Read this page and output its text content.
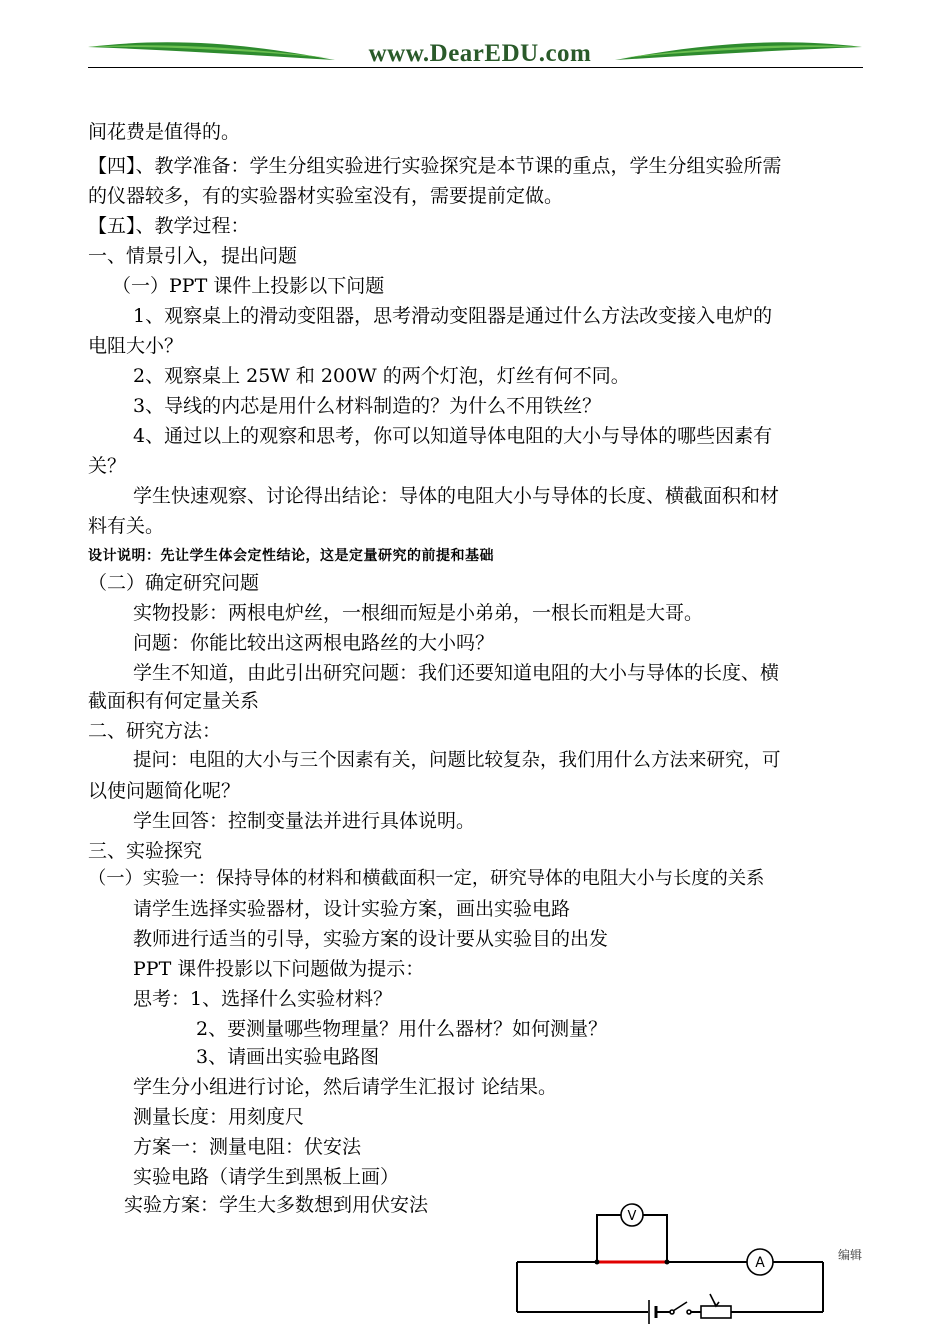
www.DearEDU.com
间花费是值得的。
【四】、教学准备：学生分组实验进行实验探究是本节课的重点，学生分组实验所需
的仪器较多，有的实验器材实验室没有，需要提前定做。
【五】、教学过程：
一、情景引入，提出问题
（一）PPT 课件上投影以下问题
1、观察桌上的滑动变阻器，思考滑动变阻器是通过什么方法改变接入电炉的
电阻大小？
2、观察桌上 25W 和 200W 的两个灯泡，灯丝有何不同。
3、导线的内芯是用什么材料制造的？为什么不用铁丝？
4、通过以上的观察和思考，你可以知道导体电阻的大小与导体的哪些因素有
关？
学生快速观察、讨论得出结论：导体的电阻大小与导体的长度、横截面积和材
料有关。
设计说明：先让学生体会定性结论，这是定量研究的前提和基础
（二）确定研究问题
实物投影：两根电炉丝，一根细而短是小弟弟，一根长而粗是大哥。
问题：你能比较出这两根电路丝的大小吗？
学生不知道，由此引出研究问题：我们还要知道电阻的大小与导体的长度、横
截面积有何定量关系
二、研究方法：
提问：电阻的大小与三个因素有关，问题比较复杂，我们用什么方法来研究，可
以使问题简化呢？
学生回答：控制变量法并进行具体说明。
三、实验探究
（一）实验一：保持导体的材料和横截面积一定，研究导体的电阻大小与长度的关系
请学生选择实验器材，设计实验方案，画出实验电路
教师进行适当的引导，实验方案的设计要从实验目的出发
PPT 课件投影以下问题做为提示：
思考：1、选择什么实验材料？
2、要测量哪些物理量？用什么器材？如何测量？
3、请画出实验电路图
学生分小组进行讨论，然后请学生汇报讨 论结果。
测量长度：用刻度尺
方案一：测量电阻：伏安法
实验电路（请学生到黑板上画）
实验方案：学生大多数想到用伏安法
V
A	编辑
